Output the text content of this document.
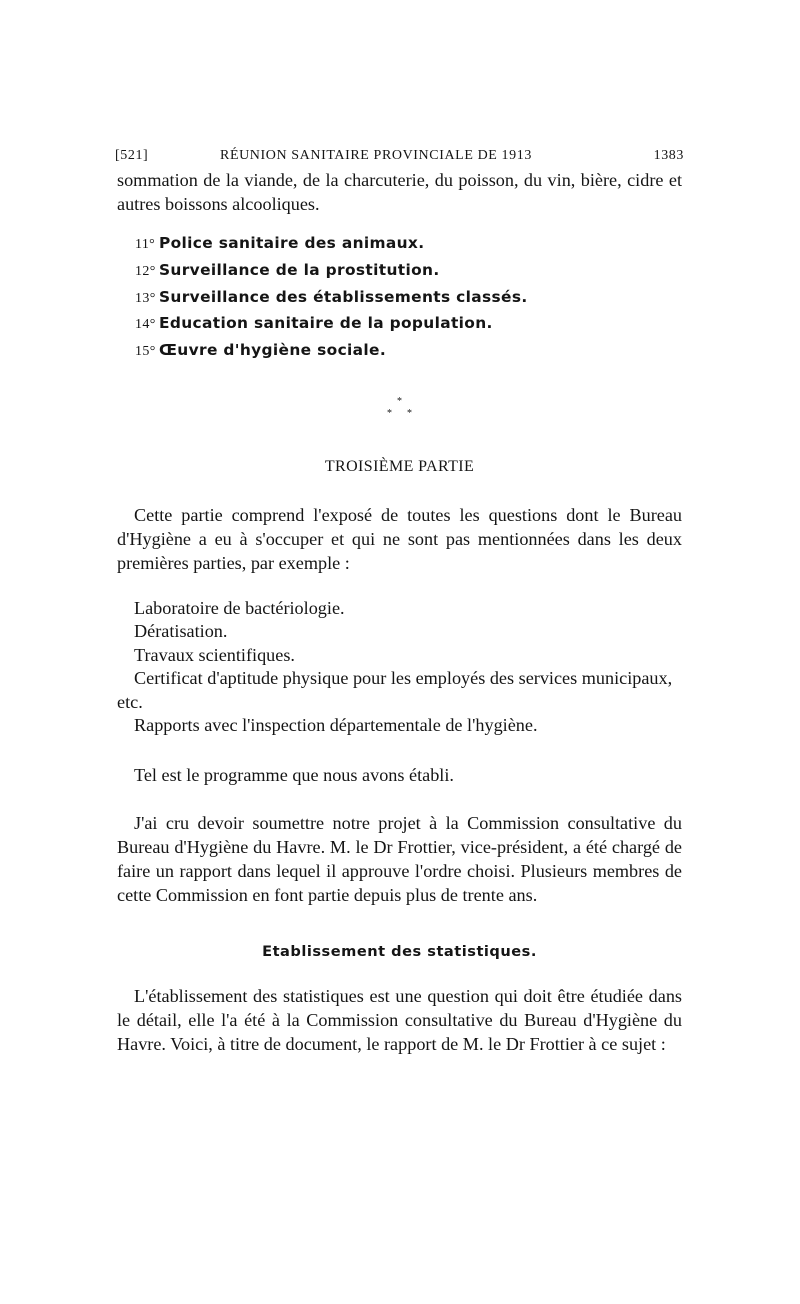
[521]	RÉUNION SANITAIRE PROVINCIALE DE 1913	1383

sommation de la viande, de la charcuterie, du poisson, du vin, bière, cidre et autres boissons alcooliques.

11° Police sanitaire des animaux.

12° Surveillance de la prostitution.

13° Surveillance des établissements classés.

14° Education sanitaire de la population.

15° Œuvre d'hygiène sociale.

*
* *
TROISIÈME PARTIE

Cette partie comprend l'exposé de toutes les questions dont le Bureau d'Hygiène a eu à s'occuper et qui ne sont pas mentionnées dans les deux premières parties, par exemple :

Laboratoire de bactériologie.

Dératisation.

Travaux scientifiques.

Certificat d'aptitude physique pour les employés des services municipaux, etc.

Rapports avec l'inspection départementale de l'hygiène.

Tel est le programme que nous avons établi.

J'ai cru devoir soumettre notre projet à la Commission consultative du Bureau d'Hygiène du Havre. M. le Dr Frottier, vice-président, a été chargé de faire un rapport dans lequel il approuve l'ordre choisi. Plusieurs membres de cette Commission en font partie depuis plus de trente ans.

Etablissement des statistiques.

L'établissement des statistiques est une question qui doit être étudiée dans le détail, elle l'a été à la Commission consultative du Bureau d'Hygiène du Havre. Voici, à titre de document, le rapport de M. le Dr Frottier à ce sujet :
